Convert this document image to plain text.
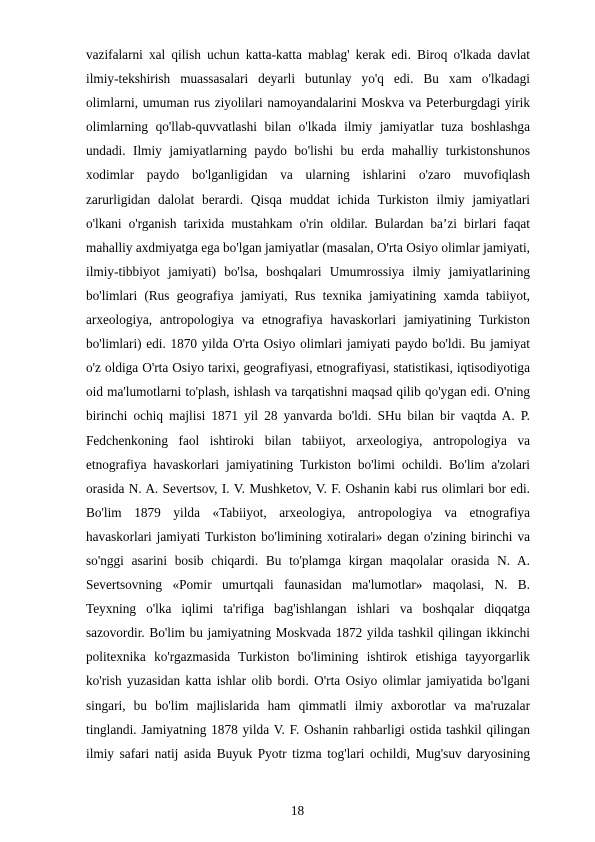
vazifalarni xal qilish uchun katta-katta mablag' kerak edi. Biroq o'lkada davlat
ilmiy-tekshirish muassasalari deyarli butunlay yo'q edi. Bu xam o'lkadagi
olimlarni, umuman rus ziyolilari namoyandalarini Moskva va Peterburgdagi yirik
olimlarning qo'llab-quvvatlashi bilan o'lkada ilmiy jamiyatlar tuza boshlashga
undadi. Ilmiy jamiyatlarning paydo bo'lishi bu erda mahalliy turkistonshunos
xodimlar paydo bo'lganligidan va ularning ishlarini o'zaro muvofiqlash
zarurligidan dalolat berardi. Qisqa muddat ichida Turkiston ilmiy jamiyatlari
o'lkani o'rganish tarixida mustahkam o'rin oldilar. Bulardan ba’zi birlari faqat
mahalliy axdmiyatga ega bo'lgan jamiyatlar (masalan, O'rta Osiyo olimlar jamiyati,
ilmiy-tibbiyot jamiyati) bo'lsa, boshqalari Umumrossiya ilmiy jamiyatlarining
bo'limlari (Rus geografiya jamiyati, Rus texnika jamiyatining xamda tabiiyot,
arxeologiya, antropologiya va etnografiya havaskorlari jamiyatining Turkiston
bo'limlari) edi. 1870 yilda O'rta Osiyo olimlari jamiyati paydo bo'ldi. Bu jamiyat
o'z oldiga O'rta Osiyo tarixi, geografiyasi, etnografiyasi, statistikasi, iqtisodiyotiga
oid ma'lumotlarni to'plash, ishlash va tarqatishni maqsad qilib qo'ygan edi. O'ning
birinchi ochiq majlisi 1871 yil 28 yanvarda bo'ldi. SHu bilan bir vaqtda A. P.
Fedchenkoning faol ishtiroki bilan tabiiyot, arxeologiya, antropologiya va
etnografiya havaskorlari jamiyatining Turkiston bo'limi ochildi. Bo'lim a'zolari
orasida N. A. Severtsov, I. V. Mushketov, V. F. Oshanin kabi rus olimlari bor edi.
Bo'lim 1879 yilda «Tabiiyot, arxeologiya, antropologiya va etnografiya
havaskorlari jamiyati Turkiston bo'limining xotiralari» degan o'zining birinchi va
so'nggi asarini bosib chiqardi. Bu to'plamga kirgan maqolalar orasida N. A.
Severtsovning «Pomir umurtqali faunasidan ma'lumotlar» maqolasi, N. B.
Teyxning o'lka iqlimi ta'rifiga bag'ishlangan ishlari va boshqalar diqqatga
sazovordir. Bo'lim bu jamiyatning Moskvada 1872 yilda tashkil qilingan ikkinchi
politexnika ko'rgazmasida Turkiston bo'limining ishtirok etishiga tayyorgarlik
ko'rish yuzasidan katta ishlar olib bordi. O'rta Osiyo olimlar jamiyatida bo'lgani
singari, bu bo'lim majlislarida ham qimmatli ilmiy axborotlar va ma'ruzalar
tinglandi. Jamiyatning 1878 yilda V. F. Oshanin rahbarligi ostida tashkil qilingan
ilmiy safari natij asida Buyuk Pyotr tizma tog'lari ochildi, Mug'suv daryosining
18
